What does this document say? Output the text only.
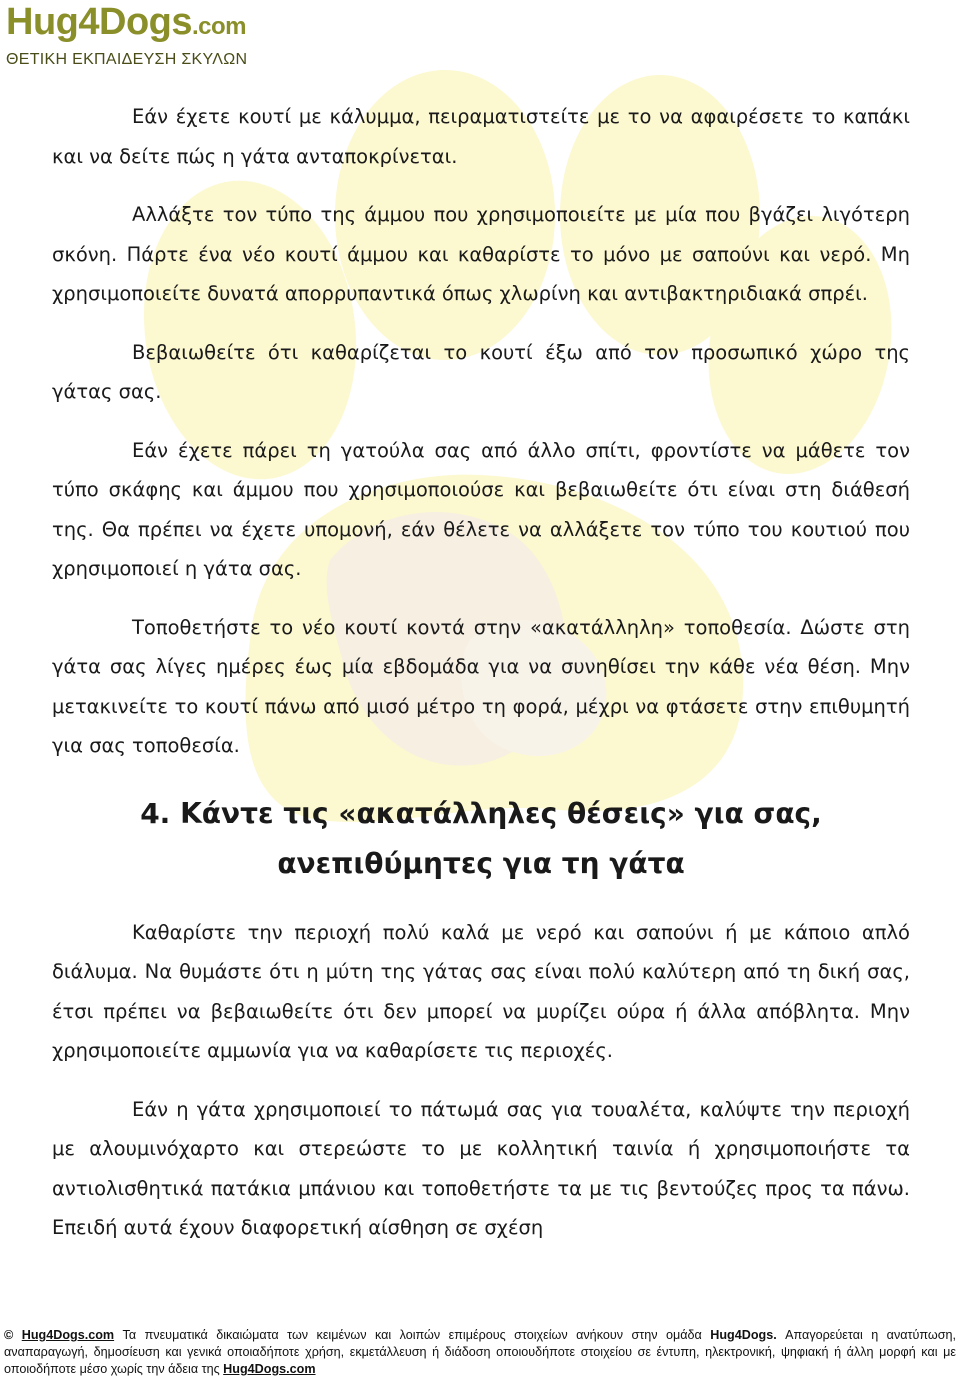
Hug4Dogs.com
ΘΕΤΙΚΗ ΕΚΠΑΙΔΕΥΣΗ ΣΚΥΛΩΝ

Εάν έχετε κουτί με κάλυμμα, πειραματιστείτε με το να αφαιρέσετε το καπάκι και να δείτε πώς η γάτα ανταποκρίνεται.

Αλλάξτε τον τύπο της άμμου που χρησιμοποιείτε με μία που βγάζει λιγότερη σκόνη. Πάρτε ένα νέο κουτί άμμου και καθαρίστε το μόνο με σαπούνι και νερό. Μη χρησιμοποιείτε δυνατά απορρυπαντικά όπως χλωρίνη και αντιβακτηριδιακά σπρέι.

Βεβαιωθείτε ότι καθαρίζεται το κουτί έξω από τον προσωπικό χώρο της γάτας σας.

Εάν έχετε πάρει τη γατούλα σας από άλλο σπίτι, φροντίστε να μάθετε τον τύπο σκάφης και άμμου που χρησιμοποιούσε και βεβαιωθείτε ότι είναι στη διάθεσή της. Θα πρέπει να έχετε υπομονή, εάν θέλετε να αλλάξετε τον τύπο του κουτιού που χρησιμοποιεί η γάτα σας.

Τοποθετήστε το νέο κουτί κοντά στην «ακατάλληλη» τοποθεσία. Δώστε στη γάτα σας λίγες ημέρες έως μία εβδομάδα για να συνηθίσει την κάθε νέα θέση. Μην μετακινείτε το κουτί πάνω από μισό μέτρο τη φορά, μέχρι να φτάσετε στην επιθυμητή για σας τοποθεσία.

4. Κάντε τις «ακατάλληλες θέσεις» για σας,
ανεπιθύμητες για τη γάτα

Καθαρίστε την περιοχή πολύ καλά με νερό και σαπούνι ή με κάποιο απλό διάλυμα. Να θυμάστε ότι η μύτη της γάτας σας είναι πολύ καλύτερη από τη δική σας, έτσι πρέπει να βεβαιωθείτε ότι δεν μπορεί να μυρίζει ούρα ή άλλα απόβλητα. Μην χρησιμοποιείτε αμμωνία για να καθαρίσετε τις περιοχές.

Εάν η γάτα χρησιμοποιεί το πάτωμά σας για τουαλέτα, καλύψτε την περιοχή με αλουμινόχαρτο και στερεώστε το με κολλητική ταινία ή χρησιμοποιήστε τα αντιολισθητικά πατάκια μπάνιου και τοποθετήστε τα με τις βεντούζες προς τα πάνω. Επειδή αυτά έχουν διαφορετική αίσθηση σε σχέση

© Hug4Dogs.com Τα πνευματικά δικαιώματα των κειμένων και λοιπών επιμέρους στοιχείων ανήκουν στην ομάδα Hug4Dogs. Απαγορεύεται η ανατύπωση, αναπαραγωγή, δημοσίευση και γενικά οποιαδήποτε χρήση, εκμετάλλευση ή διάδοση οποιουδήποτε στοιχείου σε έντυπη, ηλεκτρονική, ψηφιακή ή άλλη μορφή και με οποιοδήποτε μέσο χωρίς την άδεια της Hug4Dogs.com
